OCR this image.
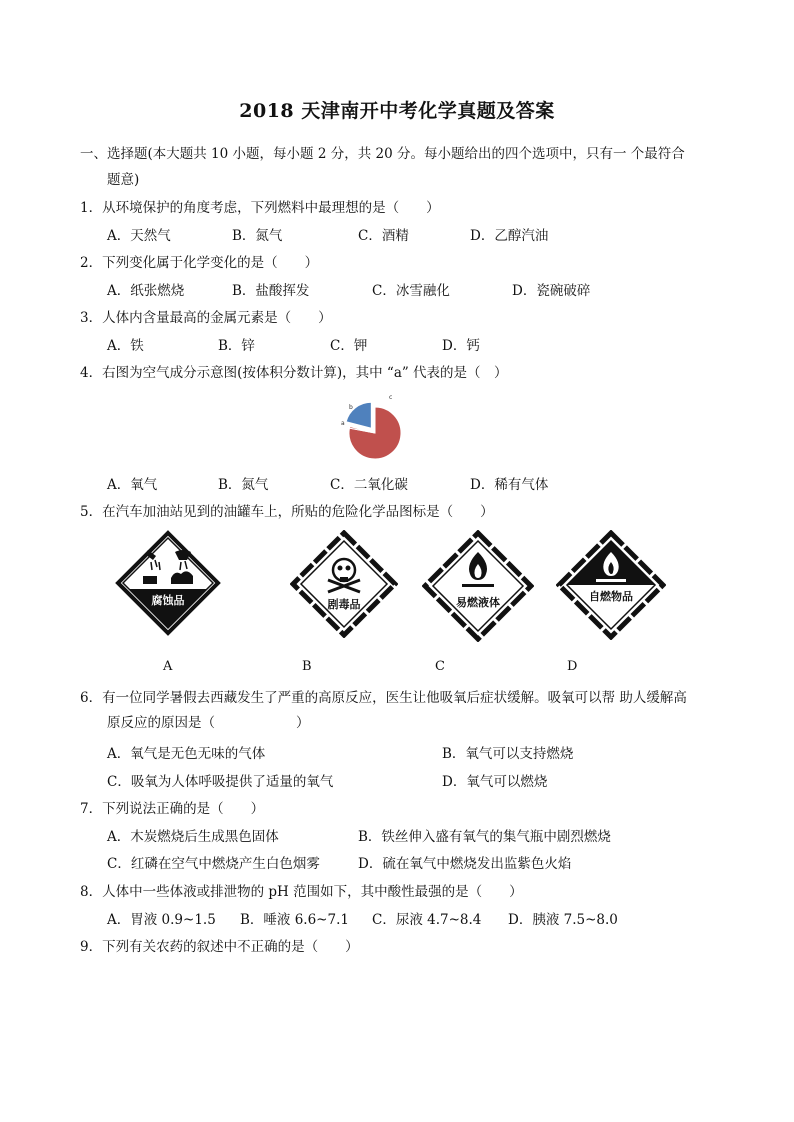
2018 天津南开中考化学真题及答案
一、选择题(本大题共 10 小题，每小题 2 分，共 20 分。每小题给出的四个选项中，只有一 个最符合
题意)
1．从环境保护的角度考虑，下列燃料中最理想的是（　　）
A．天然气	B．氮气	C．酒精	D．乙醇汽油
2．下列变化属于化学变化的是（　　）
A．纸张燃烧	B．盐酸挥发	C．冰雪融化	D．瓷碗破碎
3．人体内含量最高的金属元素是（　　）
A．铁	B．锌	C．钾	D．钙
4．右图为空气成分示意图(按体积分数计算)，其中 “a” 代表的是（　）
a
b
c
A．氧气	B．氮气	C．二氧化碳	D．稀有气体
5．在汽车加油站见到的油罐车上，所贴的危险化学品图标是（　　）
腐蚀品	剧毒品	易燃液体	自燃物品
A	B	C	D
6．有一位同学暑假去西藏发生了严重的高原反应，医生让他吸氧后症状缓解。吸氧可以帮 助人缓解高
原反应的原因是（　　　　　　）
A．氧气是无色无味的气体	B．氧气可以支持燃烧
C．吸氧为人体呼吸提供了适量的氧气	D．氧气可以燃烧
7．下列说法正确的是（　　）
A．木炭燃烧后生成黑色固体	B．铁丝伸入盛有氧气的集气瓶中剧烈燃烧
C．红磷在空气中燃烧产生白色烟雾	D．硫在氧气中燃烧发出监紫色火焰
8．人体中一些体液或排泄物的 pH 范围如下，其中酸性最强的是（　　）
A．胃液 0.9~1.5 B．唾液 6.6~7.1 C．尿液 4.7~8.4 D．胰液 7.5~8.0
9．下列有关农药的叙述中不正确的是（　　）
